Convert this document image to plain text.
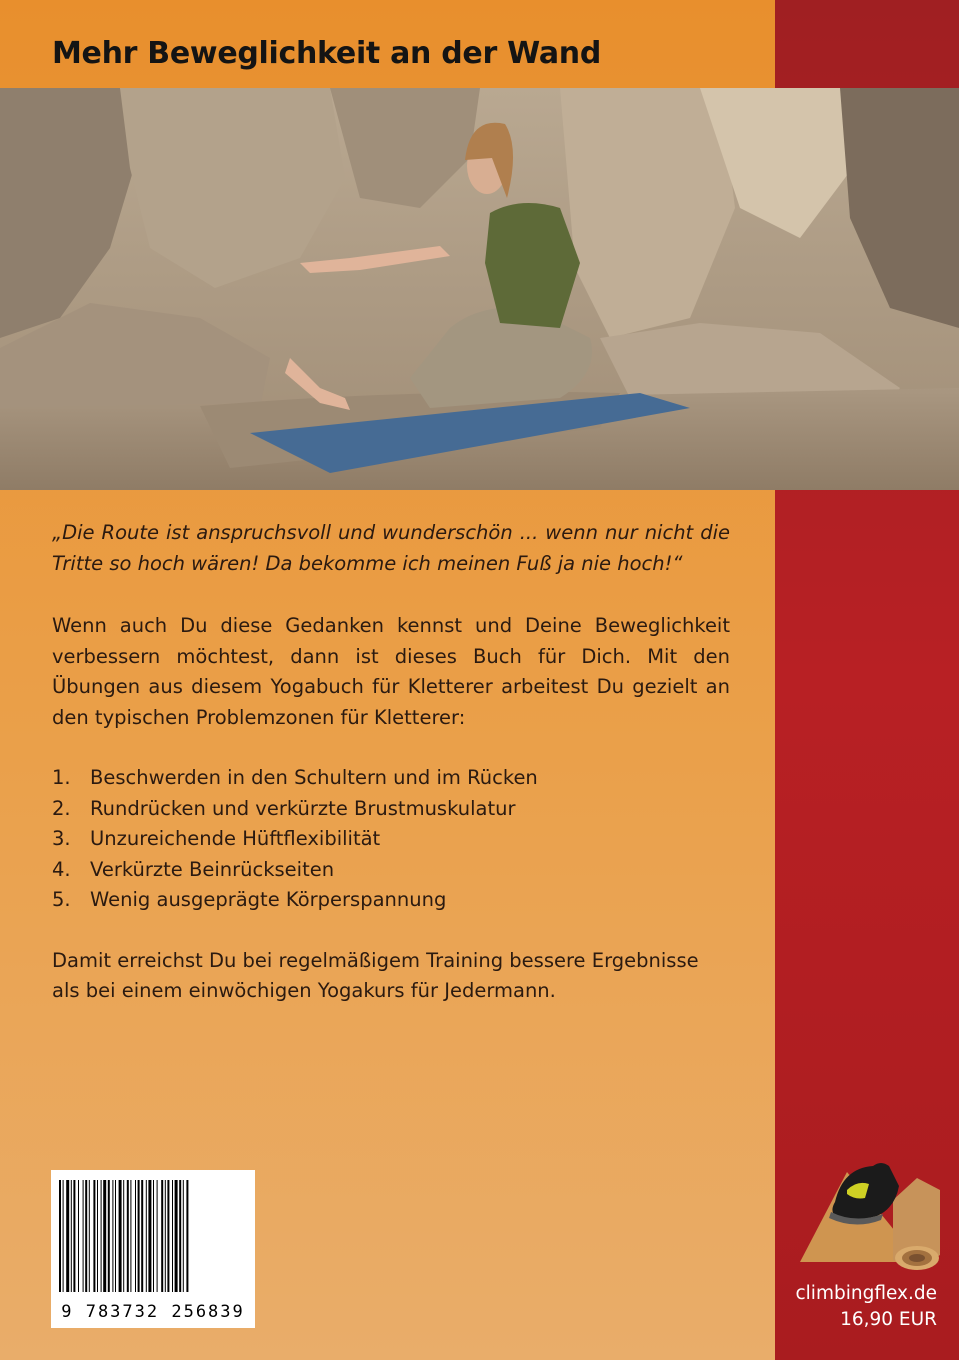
Mehr Beweglichkeit an der Wand

„Die Route ist anspruchsvoll und wunderschön ... wenn nur nicht die Tritte so hoch wären! Da bekomme ich meinen Fuß ja nie hoch!“

Wenn auch Du diese Gedanken kennst und Deine Beweglichkeit verbessern möchtest, dann ist dieses Buch für Dich. Mit den Übungen aus diesem Yogabuch für Kletterer arbeitest Du gezielt an den typischen Problemzonen für Kletterer:

1. Beschwerden in den Schultern und im Rücken
2. Rundrücken und verkürzte Brustmuskulatur
3. Unzureichende Hüftflexibilität
4. Verkürzte Beinrückseiten
5. Wenig ausgeprägte Körperspannung

Damit erreichst Du bei regelmäßigem Training bessere Ergebnisse als bei einem einwöchigen Yogakurs für Jedermann.

9 783732 256839
climbingflex.de
16,90 EUR
